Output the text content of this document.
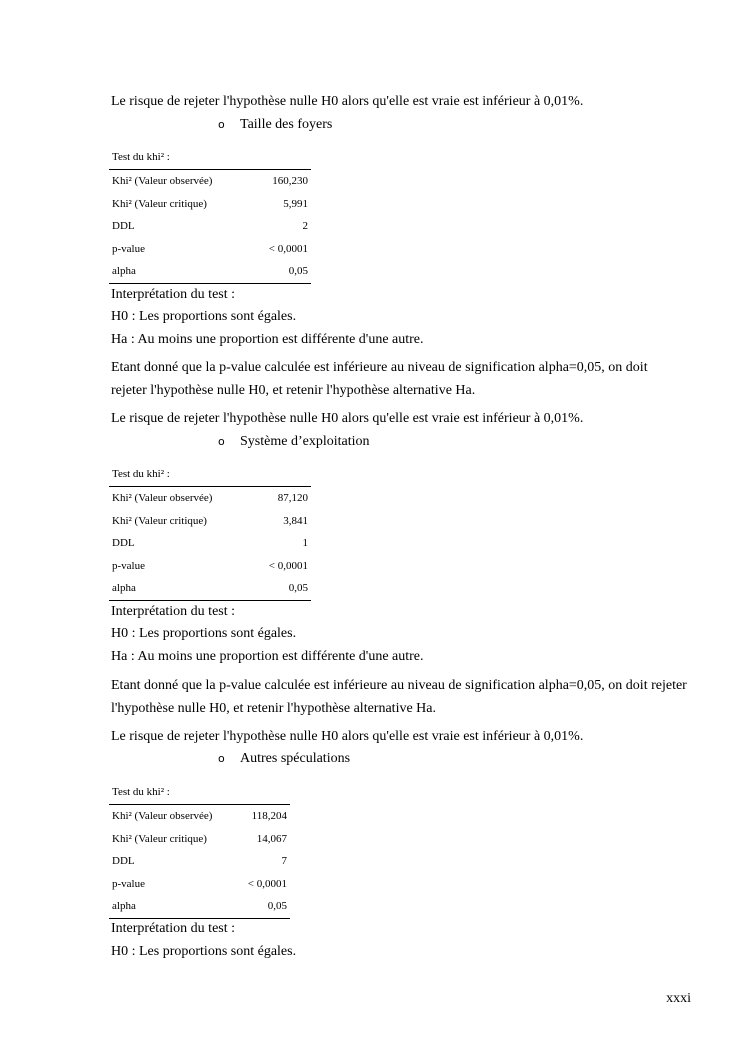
Le risque de rejeter l'hypothèse nulle H0 alors qu'elle est vraie est inférieur à 0,01%.
o Taille des foyers
Test du khi² :	
Khi² (Valeur observée)	160,230
Khi² (Valeur critique)	5,991
DDL	2
p-value	< 0,0001
alpha	0,05
Interprétation du test :
H0 : Les proportions sont égales.
Ha : Au moins une proportion est différente d'une autre.
Etant donné que la p-value calculée est inférieure au niveau de signification alpha=0,05, on doit rejeter l'hypothèse nulle H0, et retenir l'hypothèse alternative Ha.
Le risque de rejeter l'hypothèse nulle H0 alors qu'elle est vraie est inférieur à 0,01%.
o Système d’exploitation
Test du khi² :	
Khi² (Valeur observée)	87,120
Khi² (Valeur critique)	3,841
DDL	1
p-value	< 0,0001
alpha	0,05
Interprétation du test :
H0 : Les proportions sont égales.
Ha : Au moins une proportion est différente d'une autre.
Etant donné que la p-value calculée est inférieure au niveau de signification alpha=0,05, on doit rejeter l'hypothèse nulle H0, et retenir l'hypothèse alternative Ha.
Le risque de rejeter l'hypothèse nulle H0 alors qu'elle est vraie est inférieur à 0,01%.
o Autres spéculations
Test du khi² :	
Khi² (Valeur observée)	118,204
Khi² (Valeur critique)	14,067
DDL	7
p-value	< 0,0001
alpha	0,05
Interprétation du test :
H0 : Les proportions sont égales.
xxxi
